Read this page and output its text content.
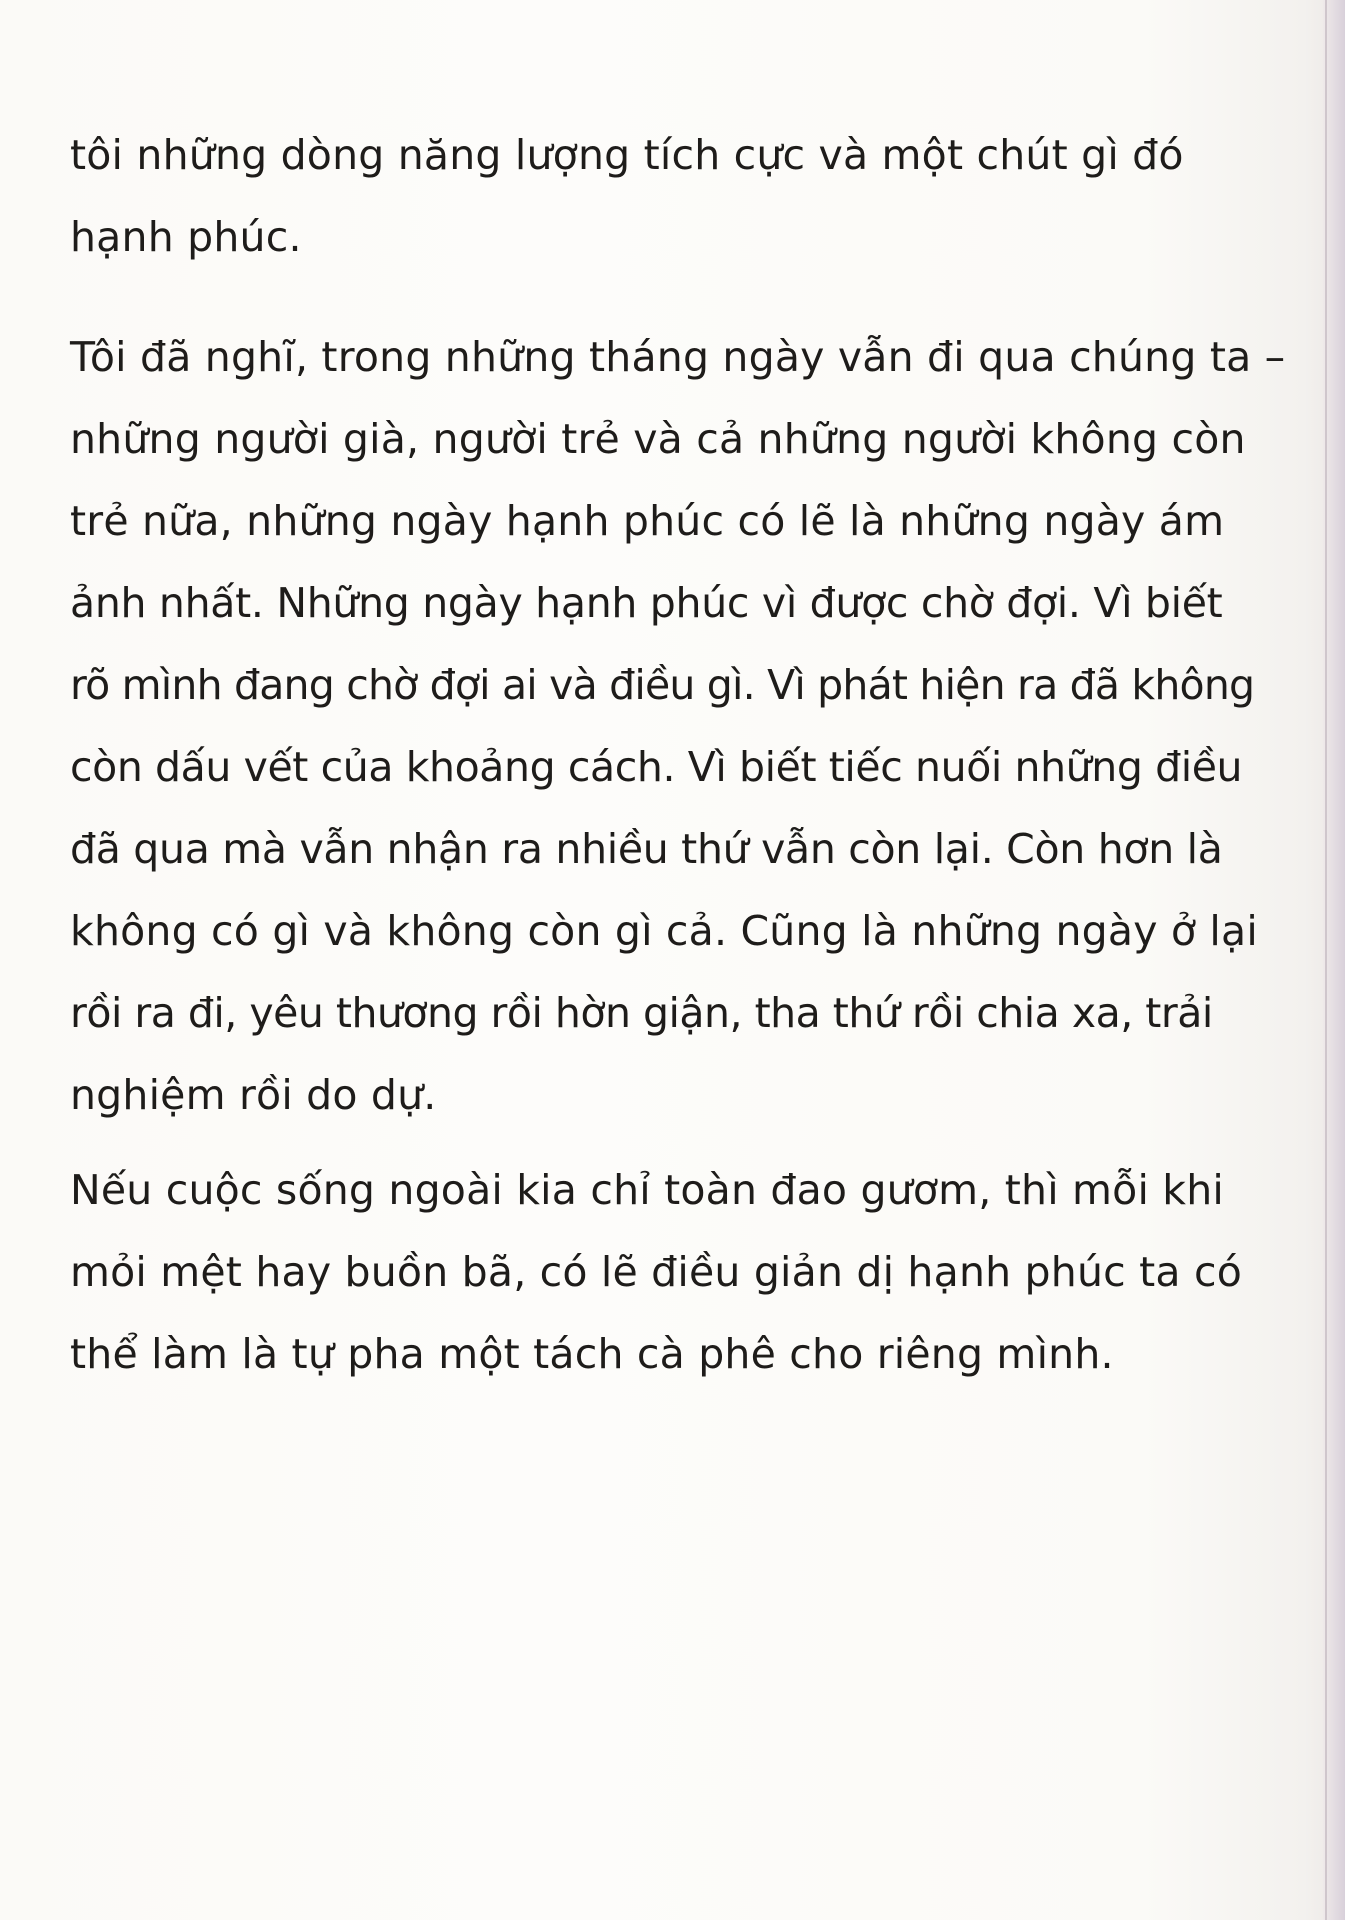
tôi những dòng năng lượng tích cực và một chút gì đó

hạnh phúc.

Tôi đã nghĩ, trong những tháng ngày vẫn đi qua chúng ta –

những người già, người trẻ và cả những người không còn

trẻ nữa, những ngày hạnh phúc có lẽ là những ngày ám

ảnh nhất. Những ngày hạnh phúc vì được chờ đợi. Vì biết

rõ mình đang chờ đợi ai và điều gì. Vì phát hiện ra đã không

còn dấu vết của khoảng cách. Vì biết tiếc nuối những điều

đã qua mà vẫn nhận ra nhiều thứ vẫn còn lại. Còn hơn là

không có gì và không còn gì cả. Cũng là những ngày ở lại

rồi ra đi, yêu thương rồi hờn giận, tha thứ rồi chia xa, trải

nghiệm rồi do dự.

Nếu cuộc sống ngoài kia chỉ toàn đao gươm, thì mỗi khi

mỏi mệt hay buồn bã, có lẽ điều giản dị hạnh phúc ta có

thể làm là tự pha một tách cà phê cho riêng mình.
